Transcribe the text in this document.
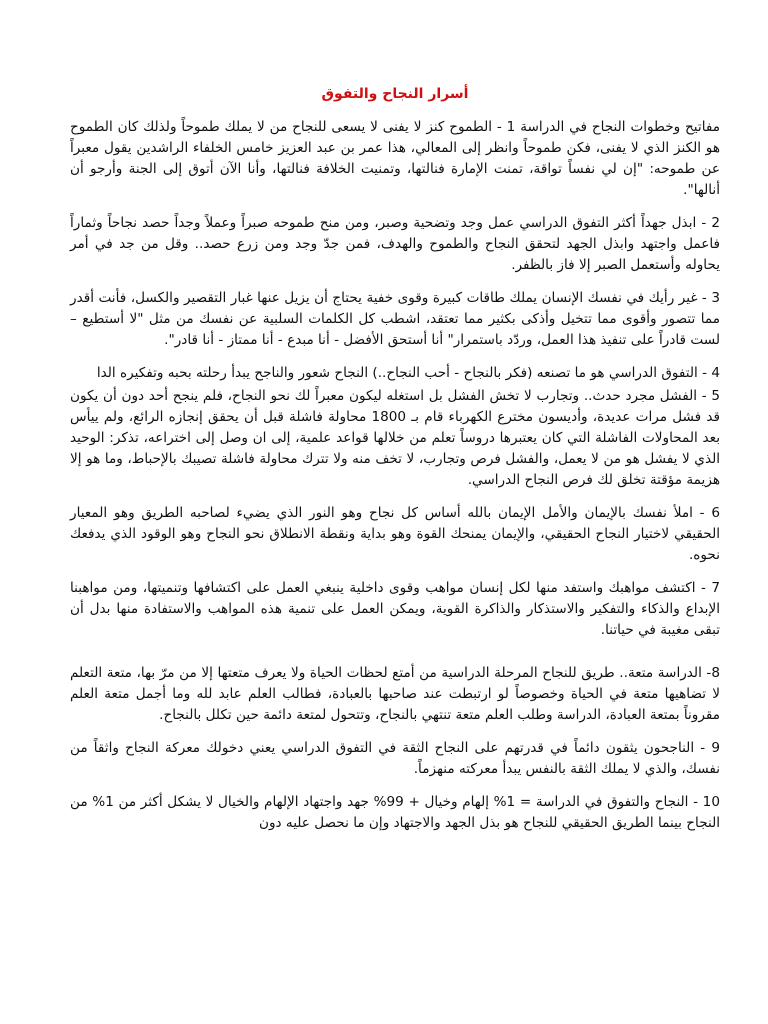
أسرار النجاح والتفوق

مفاتيح وخطوات النجاح في الدراسة 1 - الطموح كنز لا يفنى لا يسعى للنجاح من لا يملك طموحاً ولذلك كان الطموح هو الكنز الذي لا يفنى، فكن طموحاً وانظر إلى المعالي، هذا عمر بن عبد العزيز خامس الخلفاء الراشدين يقول معبراً عن طموحه: "إن لي نفساً تواقة، تمنت الإمارة فنالتها، وتمنيت الخلافة فنالتها، وأنا الآن أتوق إلى الجنة وأرجو أن أنالها".

2 - ابذل جهداً أكثر التفوق الدراسي عمل وجد وتضحية وصبر، ومن منح طموحه صبراً وعملاً وجداً حصد نجاحاً وثماراً فاعمل واجتهد وابذل الجهد لتحقق النجاح والطموح والهدف، فمن جدّ وجد ومن زرع حصد.. وقل من جد في أمر يحاوله وأستعمل الصبر إلا فاز بالظفر.

3 - غير رأيك في نفسك الإنسان يملك طاقات كبيرة وقوى خفية يحتاج أن يزيل عنها غبار التقصير والكسل، فأنت أقدر مما تتصور وأقوى مما تتخيل وأذكى بكثير مما تعتقد، اشطب كل الكلمات السلبية عن نفسك من مثل "لا أستطيع – لست قادراً على تنفيذ هذا العمل، وردّد باستمرار" أنا أستحق الأفضل - أنا مبدع - أنا ممتاز - أنا قادر".

4 - التفوق الدراسي هو ما تصنعه (فكر بالنجاح - أحب النجاح..) النجاح شعور والناجح يبدأ رحلته بحبه وتفكيره الدا

5 - الفشل مجرد حدث.. وتجارب لا تخش الفشل بل استغله ليكون معبراً لك نحو النجاح، فلم ينجح أحد دون أن يكون قد فشل مرات عديدة، وأديسون مخترع الكهرباء قام بـ 1800 محاولة فاشلة قبل أن يحقق إنجازه الرائع، ولم ييأس بعد المحاولات الفاشلة التي كان يعتبرها دروساً تعلم من خلالها قواعد علمية، إلى ان وصل إلى اختراعه، تذكر: الوحيد الذي لا يفشل هو من لا يعمل، والفشل فرص وتجارب، لا تخف منه ولا تترك محاولة فاشلة تصيبك بالإحباط، وما هو إلا هزيمة مؤقتة تخلق لك فرص النجاح الدراسي.

6 - املأ نفسك بالإيمان والأمل الإيمان بالله أساس كل نجاح وهو النور الذي يضيء لصاحبه الطريق وهو المعيار الحقيقي لاختيار النجاح الحقيقي، والإيمان يمنحك القوة وهو بداية ونقطة الانطلاق نحو النجاح وهو الوقود الذي يدفعك نحوه.

7 - اكتشف مواهبك واستفد منها لكل إنسان مواهب وقوى داخلية ينبغي العمل على اكتشافها وتنميتها، ومن مواهبنا الإبداع والذكاء والتفكير والاستذكار والذاكرة القوية، ويمكن العمل على تنمية هذه المواهب والاستفادة منها بدل أن تبقى مغيبة في حياتنا.

8- الدراسة متعة.. طريق للنجاح المرحلة الدراسية من أمتع لحظات الحياة ولا يعرف متعتها إلا من مرّ بها، متعة التعلم لا تضاهيها متعة في الحياة وخصوصاً لو ارتبطت عند صاحبها بالعبادة، فطالب العلم عابد لله وما أجمل متعة العلم مقروناً بمتعة العبادة، الدراسة وطلب العلم متعة تنتهي بالنجاح، وتتحول لمتعة دائمة حين تكلل بالنجاح.

9 - الناجحون يثقون دائماً في قدرتهم على النجاح الثقة في التفوق الدراسي يعني دخولك معركة النجاح واثقاً من نفسك، والذي لا يملك الثقة بالنفس يبدأ معركته منهزماً.

10 - النجاح والتفوق في الدراسة = 1% إلهام وخيال + 99% جهد واجتهاد الإلهام والخيال لا يشكل أكثر من 1% من النجاح بينما الطريق الحقيقي للنجاح هو بذل الجهد والاجتهاد وإن ما نحصل عليه دون
